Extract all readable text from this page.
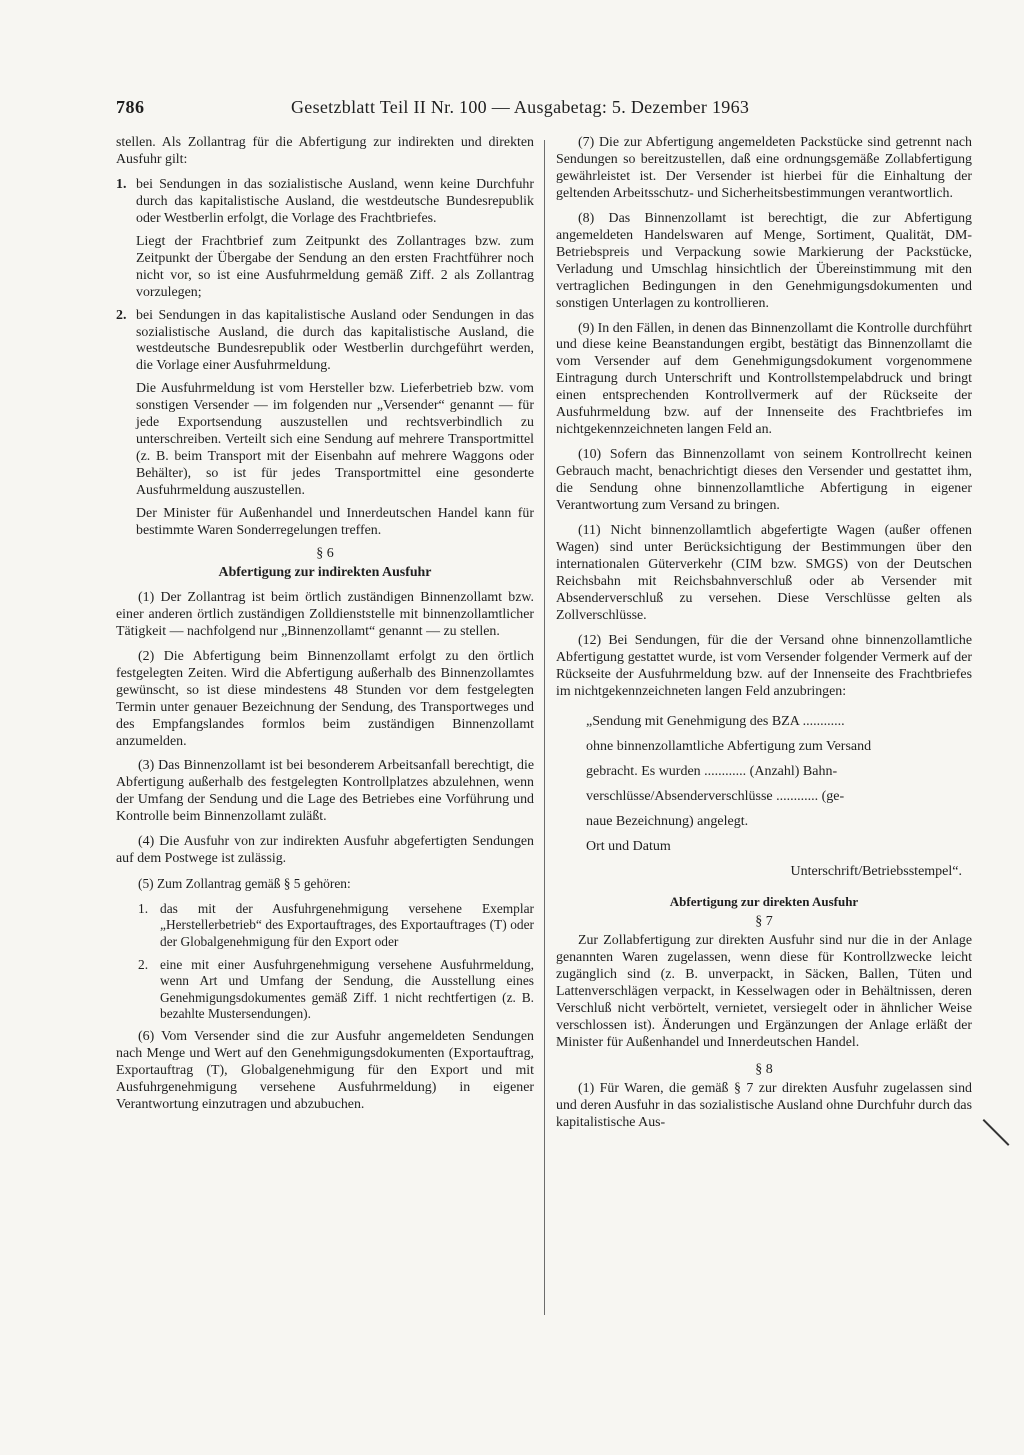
786	Gesetzblatt Teil II Nr. 100 — Ausgabetag: 5. Dezember 1963

stellen. Als Zollantrag für die Abfertigung zur indirekten und direkten Ausfuhr gilt:

1. bei Sendungen in das sozialistische Ausland, wenn keine Durchfuhr durch das kapitalistische Ausland, die westdeutsche Bundesrepublik oder Westberlin erfolgt, die Vorlage des Frachtbriefes.

Liegt der Frachtbrief zum Zeitpunkt des Zollantrages bzw. zum Zeitpunkt der Übergabe der Sendung an den ersten Frachtführer noch nicht vor, so ist eine Ausfuhrmeldung gemäß Ziff. 2 als Zollantrag vorzulegen;

2. bei Sendungen in das kapitalistische Ausland oder Sendungen in das sozialistische Ausland, die durch das kapitalistische Ausland, die westdeutsche Bundesrepublik oder Westberlin durchgeführt werden, die Vorlage einer Ausfuhrmeldung.

Die Ausfuhrmeldung ist vom Hersteller bzw. Lieferbetrieb bzw. vom sonstigen Versender — im folgenden nur „Versender“ genannt — für jede Exportsendung auszustellen und rechtsverbindlich zu unterschreiben. Verteilt sich eine Sendung auf mehrere Transportmittel (z. B. beim Transport mit der Eisenbahn auf mehrere Waggons oder Behälter), so ist für jedes Transportmittel eine gesonderte Ausfuhrmeldung auszustellen.

Der Minister für Außenhandel und Innerdeutschen Handel kann für bestimmte Waren Sonderregelungen treffen.

§ 6
Abfertigung zur indirekten Ausfuhr

(1) Der Zollantrag ist beim örtlich zuständigen Binnenzollamt bzw. einer anderen örtlich zuständigen Zolldienststelle mit binnenzollamtlicher Tätigkeit — nachfolgend nur „Binnenzollamt“ genannt — zu stellen.

(2) Die Abfertigung beim Binnenzollamt erfolgt zu den örtlich festgelegten Zeiten. Wird die Abfertigung außerhalb des Binnenzollamtes gewünscht, so ist diese mindestens 48 Stunden vor dem festgelegten Termin unter genauer Bezeichnung der Sendung, des Transportweges und des Empfangslandes formlos beim zuständigen Binnenzollamt anzumelden.

(3) Das Binnenzollamt ist bei besonderem Arbeitsanfall berechtigt, die Abfertigung außerhalb des festgelegten Kontrollplatzes abzulehnen, wenn der Umfang der Sendung und die Lage des Betriebes eine Vorführung und Kontrolle beim Binnenzollamt zuläßt.

(4) Die Ausfuhr von zur indirekten Ausfuhr abgefertigten Sendungen auf dem Postwege ist zulässig.

(5) Zum Zollantrag gemäß § 5 gehören:

1. das mit der Ausfuhrgenehmigung versehene Exemplar „Herstellerbetrieb“ des Exportauftrages, des Exportauftrages (T) oder der Globalgenehmigung für den Export oder
2. eine mit einer Ausfuhrgenehmigung versehene Ausfuhrmeldung, wenn Art und Umfang der Sendung, die Ausstellung eines Genehmigungsdokumentes gemäß Ziff. 1 nicht rechtfertigen (z. B. bezahlte Mustersendungen).

(6) Vom Versender sind die zur Ausfuhr angemeldeten Sendungen nach Menge und Wert auf den Genehmigungsdokumenten (Exportauftrag, Exportauftrag (T), Globalgenehmigung für den Export und mit Ausfuhrgenehmigung versehene Ausfuhrmeldung) in eigener Verantwortung einzutragen und abzubuchen.

(7) Die zur Abfertigung angemeldeten Packstücke sind getrennt nach Sendungen so bereitzustellen, daß eine ordnungsgemäße Zollabfertigung gewährleistet ist. Der Versender ist hierbei für die Einhaltung der geltenden Arbeitsschutz- und Sicherheitsbestimmungen verantwortlich.

(8) Das Binnenzollamt ist berechtigt, die zur Abfertigung angemeldeten Handelswaren auf Menge, Sortiment, Qualität, DM-Betriebspreis und Verpackung sowie Markierung der Packstücke, Verladung und Umschlag hinsichtlich der Übereinstimmung mit den vertraglichen Bedingungen in den Genehmigungsdokumenten und sonstigen Unterlagen zu kontrollieren.

(9) In den Fällen, in denen das Binnenzollamt die Kontrolle durchführt und diese keine Beanstandungen ergibt, bestätigt das Binnenzollamt die vom Versender auf dem Genehmigungsdokument vorgenommene Eintragung durch Unterschrift und Kontrollstempelabdruck und bringt einen entsprechenden Kontrollvermerk auf der Rückseite der Ausfuhrmeldung bzw. auf der Innenseite des Frachtbriefes im nichtgekennzeichneten langen Feld an.

(10) Sofern das Binnenzollamt von seinem Kontrollrecht keinen Gebrauch macht, benachrichtigt dieses den Versender und gestattet ihm, die Sendung ohne binnenzollamtliche Abfertigung in eigener Verantwortung zum Versand zu bringen.

(11) Nicht binnenzollamtlich abgefertigte Wagen (außer offenen Wagen) sind unter Berücksichtigung der Bestimmungen über den internationalen Güterverkehr (CIM bzw. SMGS) von der Deutschen Reichsbahn mit Reichsbahnverschluß oder ab Versender mit Absenderverschluß zu versehen. Diese Verschlüsse gelten als Zollverschlüsse.

(12) Bei Sendungen, für die der Versand ohne binnenzollamtliche Abfertigung gestattet wurde, ist vom Versender folgender Vermerk auf der Rückseite der Ausfuhrmeldung bzw. auf der Innenseite des Frachtbriefes im nichtgekennzeichneten langen Feld anzubringen:

„Sendung mit Genehmigung des BZA ............
ohne binnenzollamtliche Abfertigung zum Versand
gebracht. Es wurden ............ (Anzahl) Bahn-
verschlüsse/Absenderverschlüsse ............ (ge-
naue Bezeichnung) angelegt.
Ort und Datum
Unterschrift/Betriebsstempel“.
Abfertigung zur direkten Ausfuhr
§ 7

Zur Zollabfertigung zur direkten Ausfuhr sind nur die in der Anlage genannten Waren zugelassen, wenn diese für Kontrollzwecke leicht zugänglich sind (z. B. unverpackt, in Säcken, Ballen, Tüten und Lattenverschlägen verpackt, in Kesselwagen oder in Behältnissen, deren Verschluß nicht verbörtelt, vernietet, versiegelt oder in ähnlicher Weise verschlossen ist). Änderungen und Ergänzungen der Anlage erläßt der Minister für Außenhandel und Innerdeutschen Handel.

§ 8

(1) Für Waren, die gemäß § 7 zur direkten Ausfuhr zugelassen sind und deren Ausfuhr in das sozialistische Ausland ohne Durchfuhr durch das kapitalistische Aus-
